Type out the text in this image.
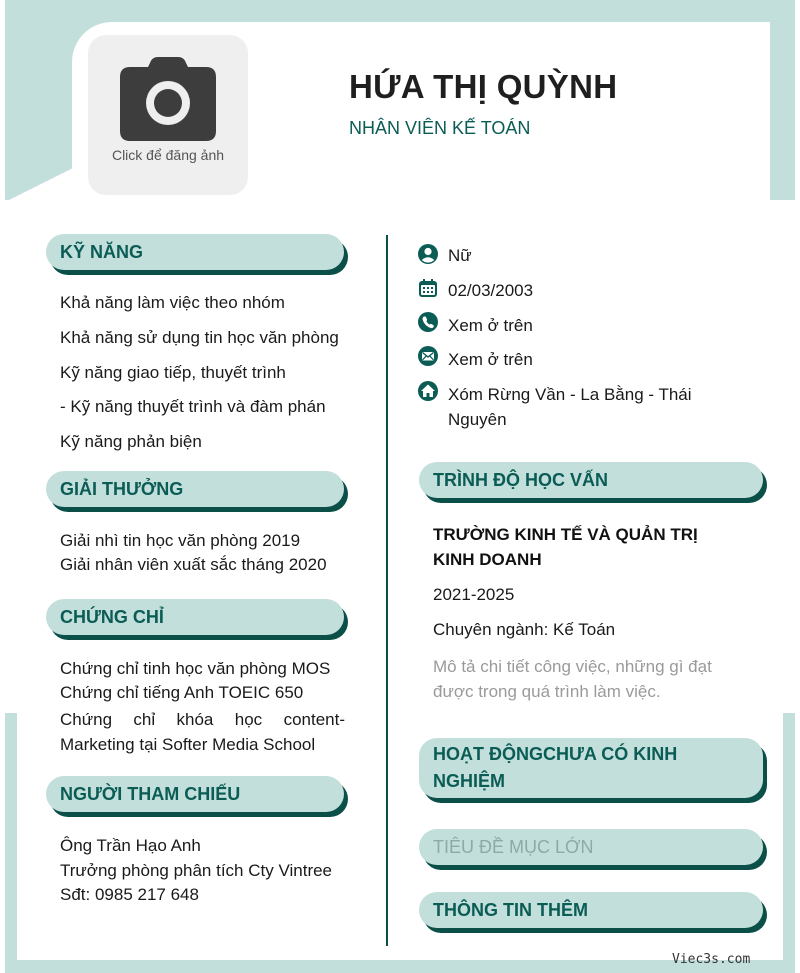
Click để đăng ảnh
HỨA THỊ QUỲNH
NHÂN VIÊN KẾ TOÁN
KỸ NĂNG
Khả năng làm việc theo nhóm
Khả năng sử dụng tin học văn phòng
Kỹ năng giao tiếp, thuyết trình
- Kỹ năng thuyết trình và đàm phán
Kỹ năng phản biện
GIẢI THƯỞNG
Giải nhì tin học văn phòng 2019
Giải nhân viên xuất sắc tháng 2020
CHỨNG CHỈ
Chứng chỉ tinh học văn phòng MOS
Chứng chỉ tiếng Anh TOEIC 650
Chứng chỉ khóa học content-
Marketing tại Softer Media School
NGƯỜI THAM CHIẾU
Ông Trần Hạo Anh
Trưởng phòng phân tích Cty Vintree
Sđt: 0985 217 648
Nữ
02/03/2003
Xem ở trên
Xem ở trên
Xóm Rừng Vần - La Bằng - Thái
Nguyên
TRÌNH ĐỘ HỌC VẤN
TRƯỜNG KINH TẾ VÀ QUẢN TRỊ KINH DOANH
2021-2025
Chuyên ngành: Kế Toán
Mô tả chi tiết công việc, những gì đạt được trong quá trình làm việc.
HOẠT ĐỘNGCHƯA CÓ KINH NGHIỆM
TIÊU ĐỀ MỤC LỚN
THÔNG TIN THÊM
Viec3s.com
